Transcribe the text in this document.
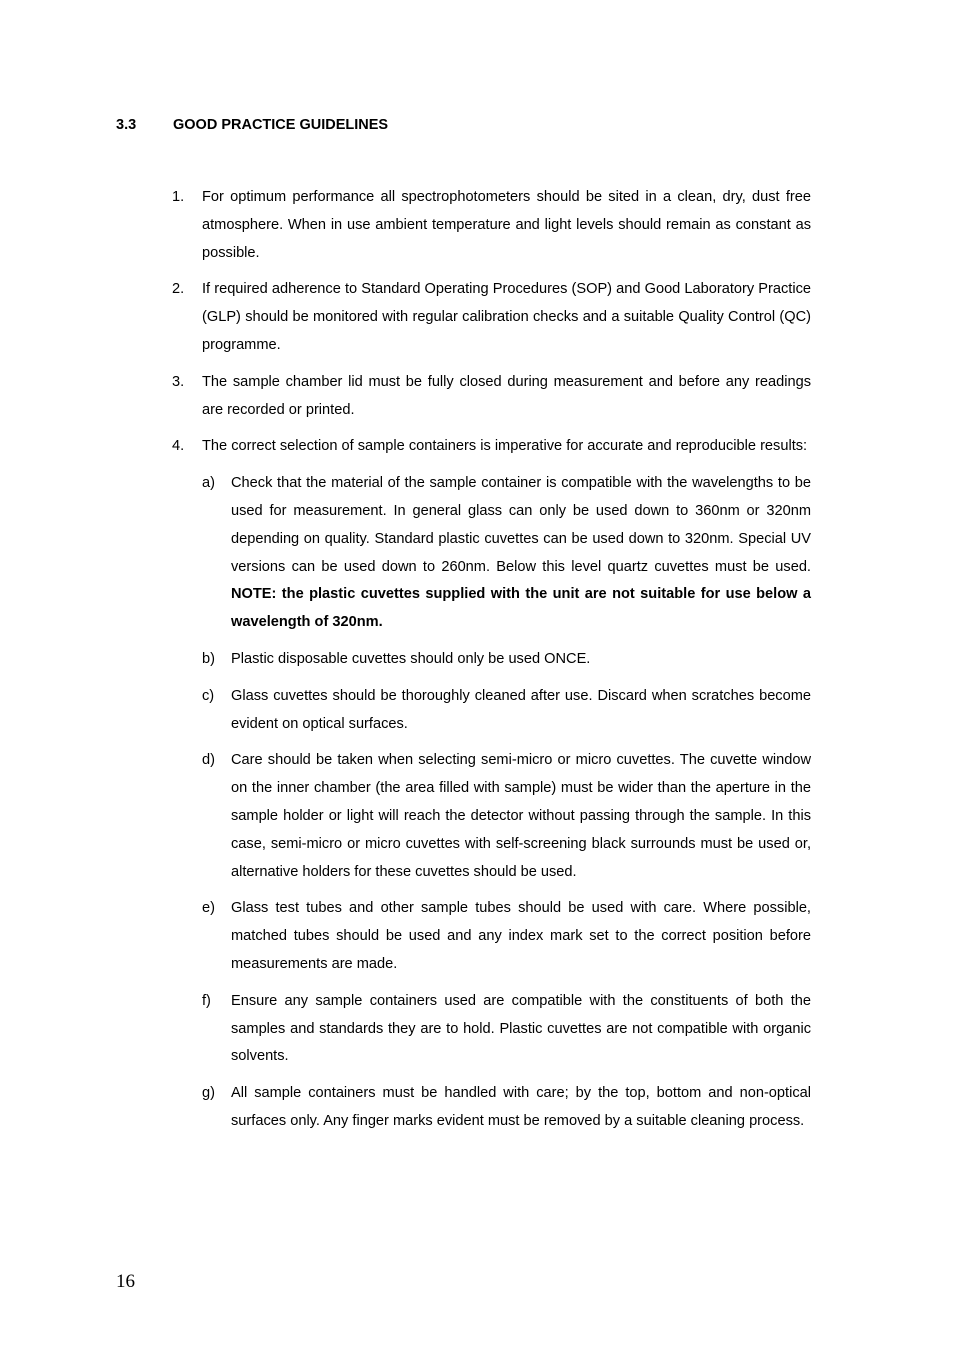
3.3	GOOD PRACTICE GUIDELINES
1.	For optimum performance all spectrophotometers should be sited in a clean, dry, dust free atmosphere. When in use ambient temperature and light levels should remain as constant as possible.
2.	If required adherence to Standard Operating Procedures (SOP) and Good Laboratory Practice (GLP) should be monitored with regular calibration checks and a suitable Quality Control (QC) programme.
3.	The sample chamber lid must be fully closed during measurement and before any readings are recorded or printed.
4.	The correct selection of sample containers is imperative for accurate and reproducible results:
a)	Check that the material of the sample container is compatible with the wavelengths to be used for measurement. In general glass can only be used down to 360nm or 320nm depending on quality. Standard plastic cuvettes can be used down to 320nm. Special UV versions can be used down to 260nm. Below this level quartz cuvettes must be used. NOTE: the plastic cuvettes supplied with the unit are not suitable for use below a wavelength of 320nm.
b)	Plastic disposable cuvettes should only be used ONCE.
c)	Glass cuvettes should be thoroughly cleaned after use. Discard when scratches become evident on optical surfaces.
d)	Care should be taken when selecting semi-micro or micro cuvettes. The cuvette window on the inner chamber (the area filled with sample) must be wider than the aperture in the sample holder or light will reach the detector without passing through the sample. In this case, semi-micro or micro cuvettes with self-screening black surrounds must be used or, alternative holders for these cuvettes should be used.
e)	Glass test tubes and other sample tubes should be used with care. Where possible, matched tubes should be used and any index mark set to the correct position before measurements are made.
f)	Ensure any sample containers used are compatible with the constituents of both the samples and standards they are to hold. Plastic cuvettes are not compatible with organic solvents.
g)	All sample containers must be handled with care; by the top, bottom and non-optical surfaces only. Any finger marks evident must be removed by a suitable cleaning process.
16
